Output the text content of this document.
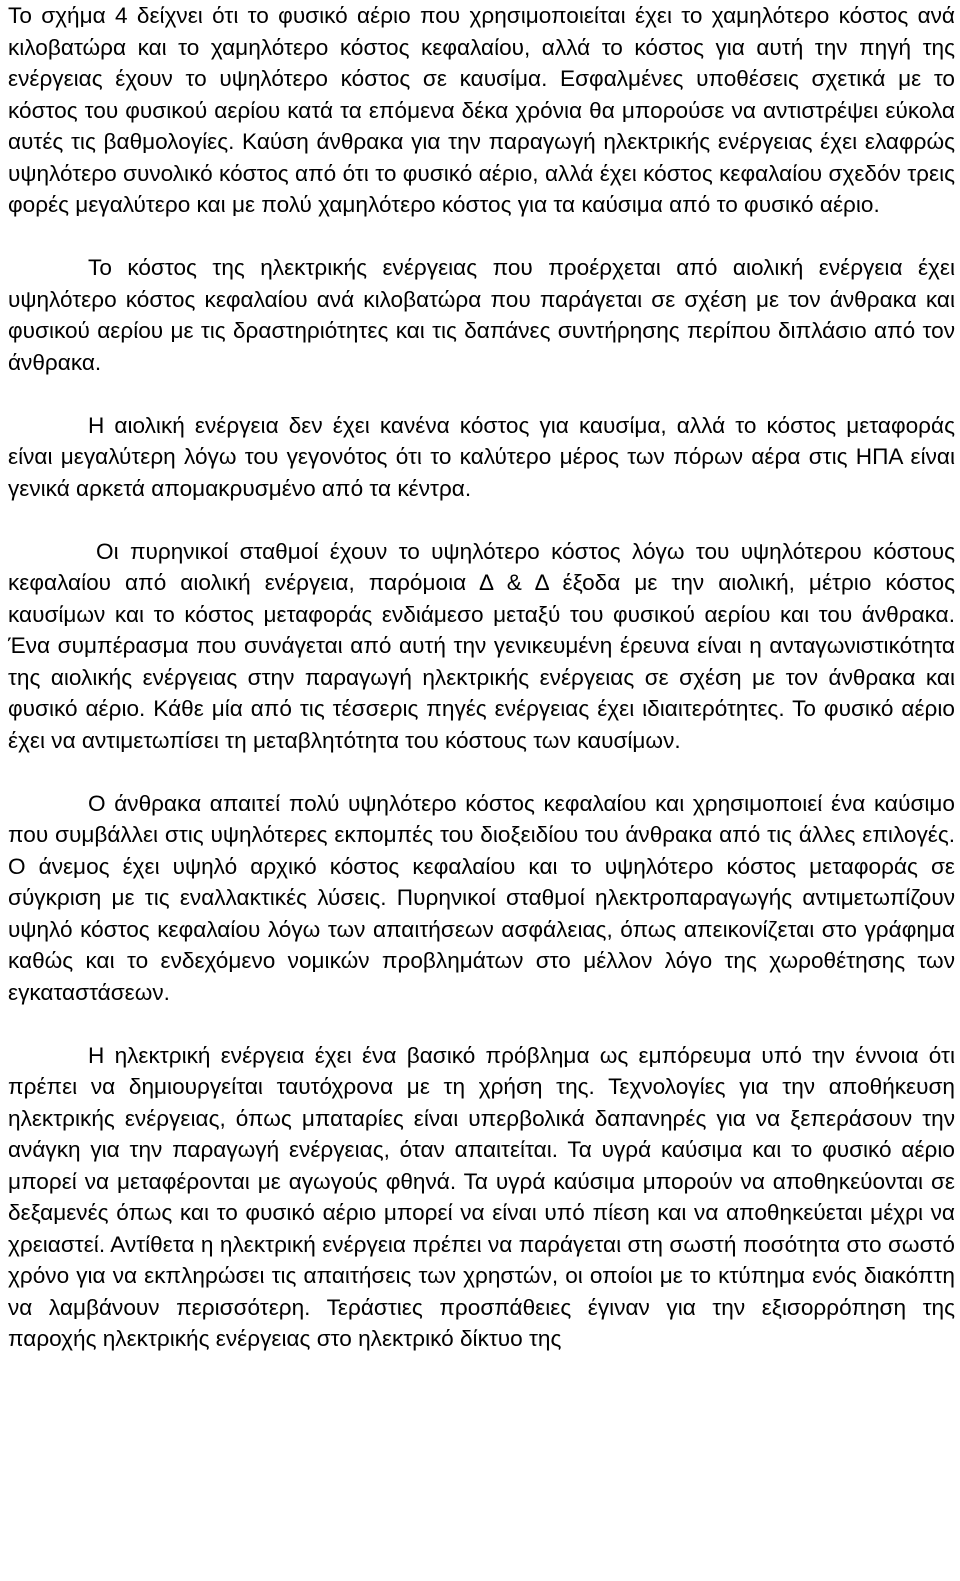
Το σχήμα 4 δείχνει ότι το φυσικό αέριο που χρησιμοποιείται έχει το χαμηλότερο κόστος ανά κιλοβατώρα και το χαμηλότερο κόστος κεφαλαίου, αλλά το κόστος για αυτή την πηγή της ενέργειας έχουν το υψηλότερο κόστος σε καυσίμα. Εσφαλμένες υποθέσεις σχετικά με το κόστος του φυσικού αερίου κατά τα επόμενα δέκα χρόνια θα μπορούσε να αντιστρέψει εύκολα αυτές τις βαθμολογίες. Καύση άνθρακα για την παραγωγή ηλεκτρικής ενέργειας έχει ελαφρώς υψηλότερο συνολικό κόστος από ότι το φυσικό αέριο, αλλά έχει κόστος κεφαλαίου σχεδόν τρεις φορές μεγαλύτερο και με πολύ χαμηλότερο κόστος για τα καύσιμα από το φυσικό αέριο.

Το κόστος της ηλεκτρικής ενέργειας που προέρχεται από αιολική ενέργεια έχει υψηλότερο κόστος κεφαλαίου ανά κιλοβατώρα που παράγεται σε σχέση με τον άνθρακα και φυσικού αερίου με τις δραστηριότητες και τις δαπάνες συντήρησης περίπου διπλάσιο από τον άνθρακα.

Η αιολική ενέργεια δεν έχει κανένα κόστος για καυσίμα, αλλά το κόστος μεταφοράς είναι μεγαλύτερη λόγω του γεγονότος ότι το καλύτερο μέρος των πόρων αέρα στις ΗΠΑ είναι γενικά αρκετά απομακρυσμένο από τα κέντρα.

Οι πυρηνικοί σταθμοί έχουν το υψηλότερο κόστος λόγω του υψηλότερου κόστους κεφαλαίου από αιολική ενέργεια, παρόμοια Δ & Δ έξοδα με την αιολική, μέτριο κόστος καυσίμων και το κόστος μεταφοράς ενδιάμεσο μεταξύ του φυσικού αερίου και του άνθρακα. Ένα συμπέρασμα που συνάγεται από αυτή την γενικευμένη έρευνα είναι η ανταγωνιστικότητα της αιολικής ενέργειας στην παραγωγή ηλεκτρικής ενέργειας σε σχέση με τον άνθρακα και φυσικό αέριο. Κάθε μία από τις τέσσερις πηγές ενέργειας έχει ιδιαιτερότητες. Το φυσικό αέριο έχει να αντιμετωπίσει τη μεταβλητότητα του κόστους των καυσίμων.

Ο άνθρακα απαιτεί πολύ υψηλότερο κόστος κεφαλαίου και χρησιμοποιεί ένα καύσιμο που συμβάλλει στις υψηλότερες εκπομπές του διοξειδίου του άνθρακα από τις άλλες επιλογές. Ο άνεμος έχει υψηλό αρχικό κόστος κεφαλαίου και το υψηλότερο κόστος μεταφοράς σε σύγκριση με τις εναλλακτικές λύσεις. Πυρηνικοί σταθμοί ηλεκτροπαραγωγής αντιμετωπίζουν υψηλό κόστος κεφαλαίου λόγω των απαιτήσεων ασφάλειας, όπως απεικονίζεται στο γράφημα καθώς και το ενδεχόμενο νομικών προβλημάτων στο μέλλον λόγο της χωροθέτησης των εγκαταστάσεων.

Η ηλεκτρική ενέργεια έχει ένα βασικό πρόβλημα ως εμπόρευμα υπό την έννοια ότι πρέπει να δημιουργείται ταυτόχρονα με τη χρήση της. Τεχνολογίες για την αποθήκευση ηλεκτρικής ενέργειας, όπως μπαταρίες είναι υπερβολικά δαπανηρές για να ξεπεράσουν την ανάγκη για την παραγωγή ενέργειας, όταν απαιτείται. Τα υγρά καύσιμα και το φυσικό αέριο μπορεί να μεταφέρονται με αγωγούς φθηνά. Τα υγρά καύσιμα μπορούν να αποθηκεύονται σε δεξαμενές όπως και το φυσικό αέριο μπορεί να είναι υπό πίεση και να αποθηκεύεται μέχρι να χρειαστεί. Αντίθετα η ηλεκτρική ενέργεια πρέπει να παράγεται στη σωστή ποσότητα στο σωστό χρόνο για να εκπληρώσει τις απαιτήσεις των χρηστών, οι οποίοι με το κτύπημα ενός διακόπτη να λαμβάνουν περισσότερη. Τεράστιες προσπάθειες έγιναν για την εξισορρόπηση της παροχής ηλεκτρικής ενέργειας στο ηλεκτρικό δίκτυο της
